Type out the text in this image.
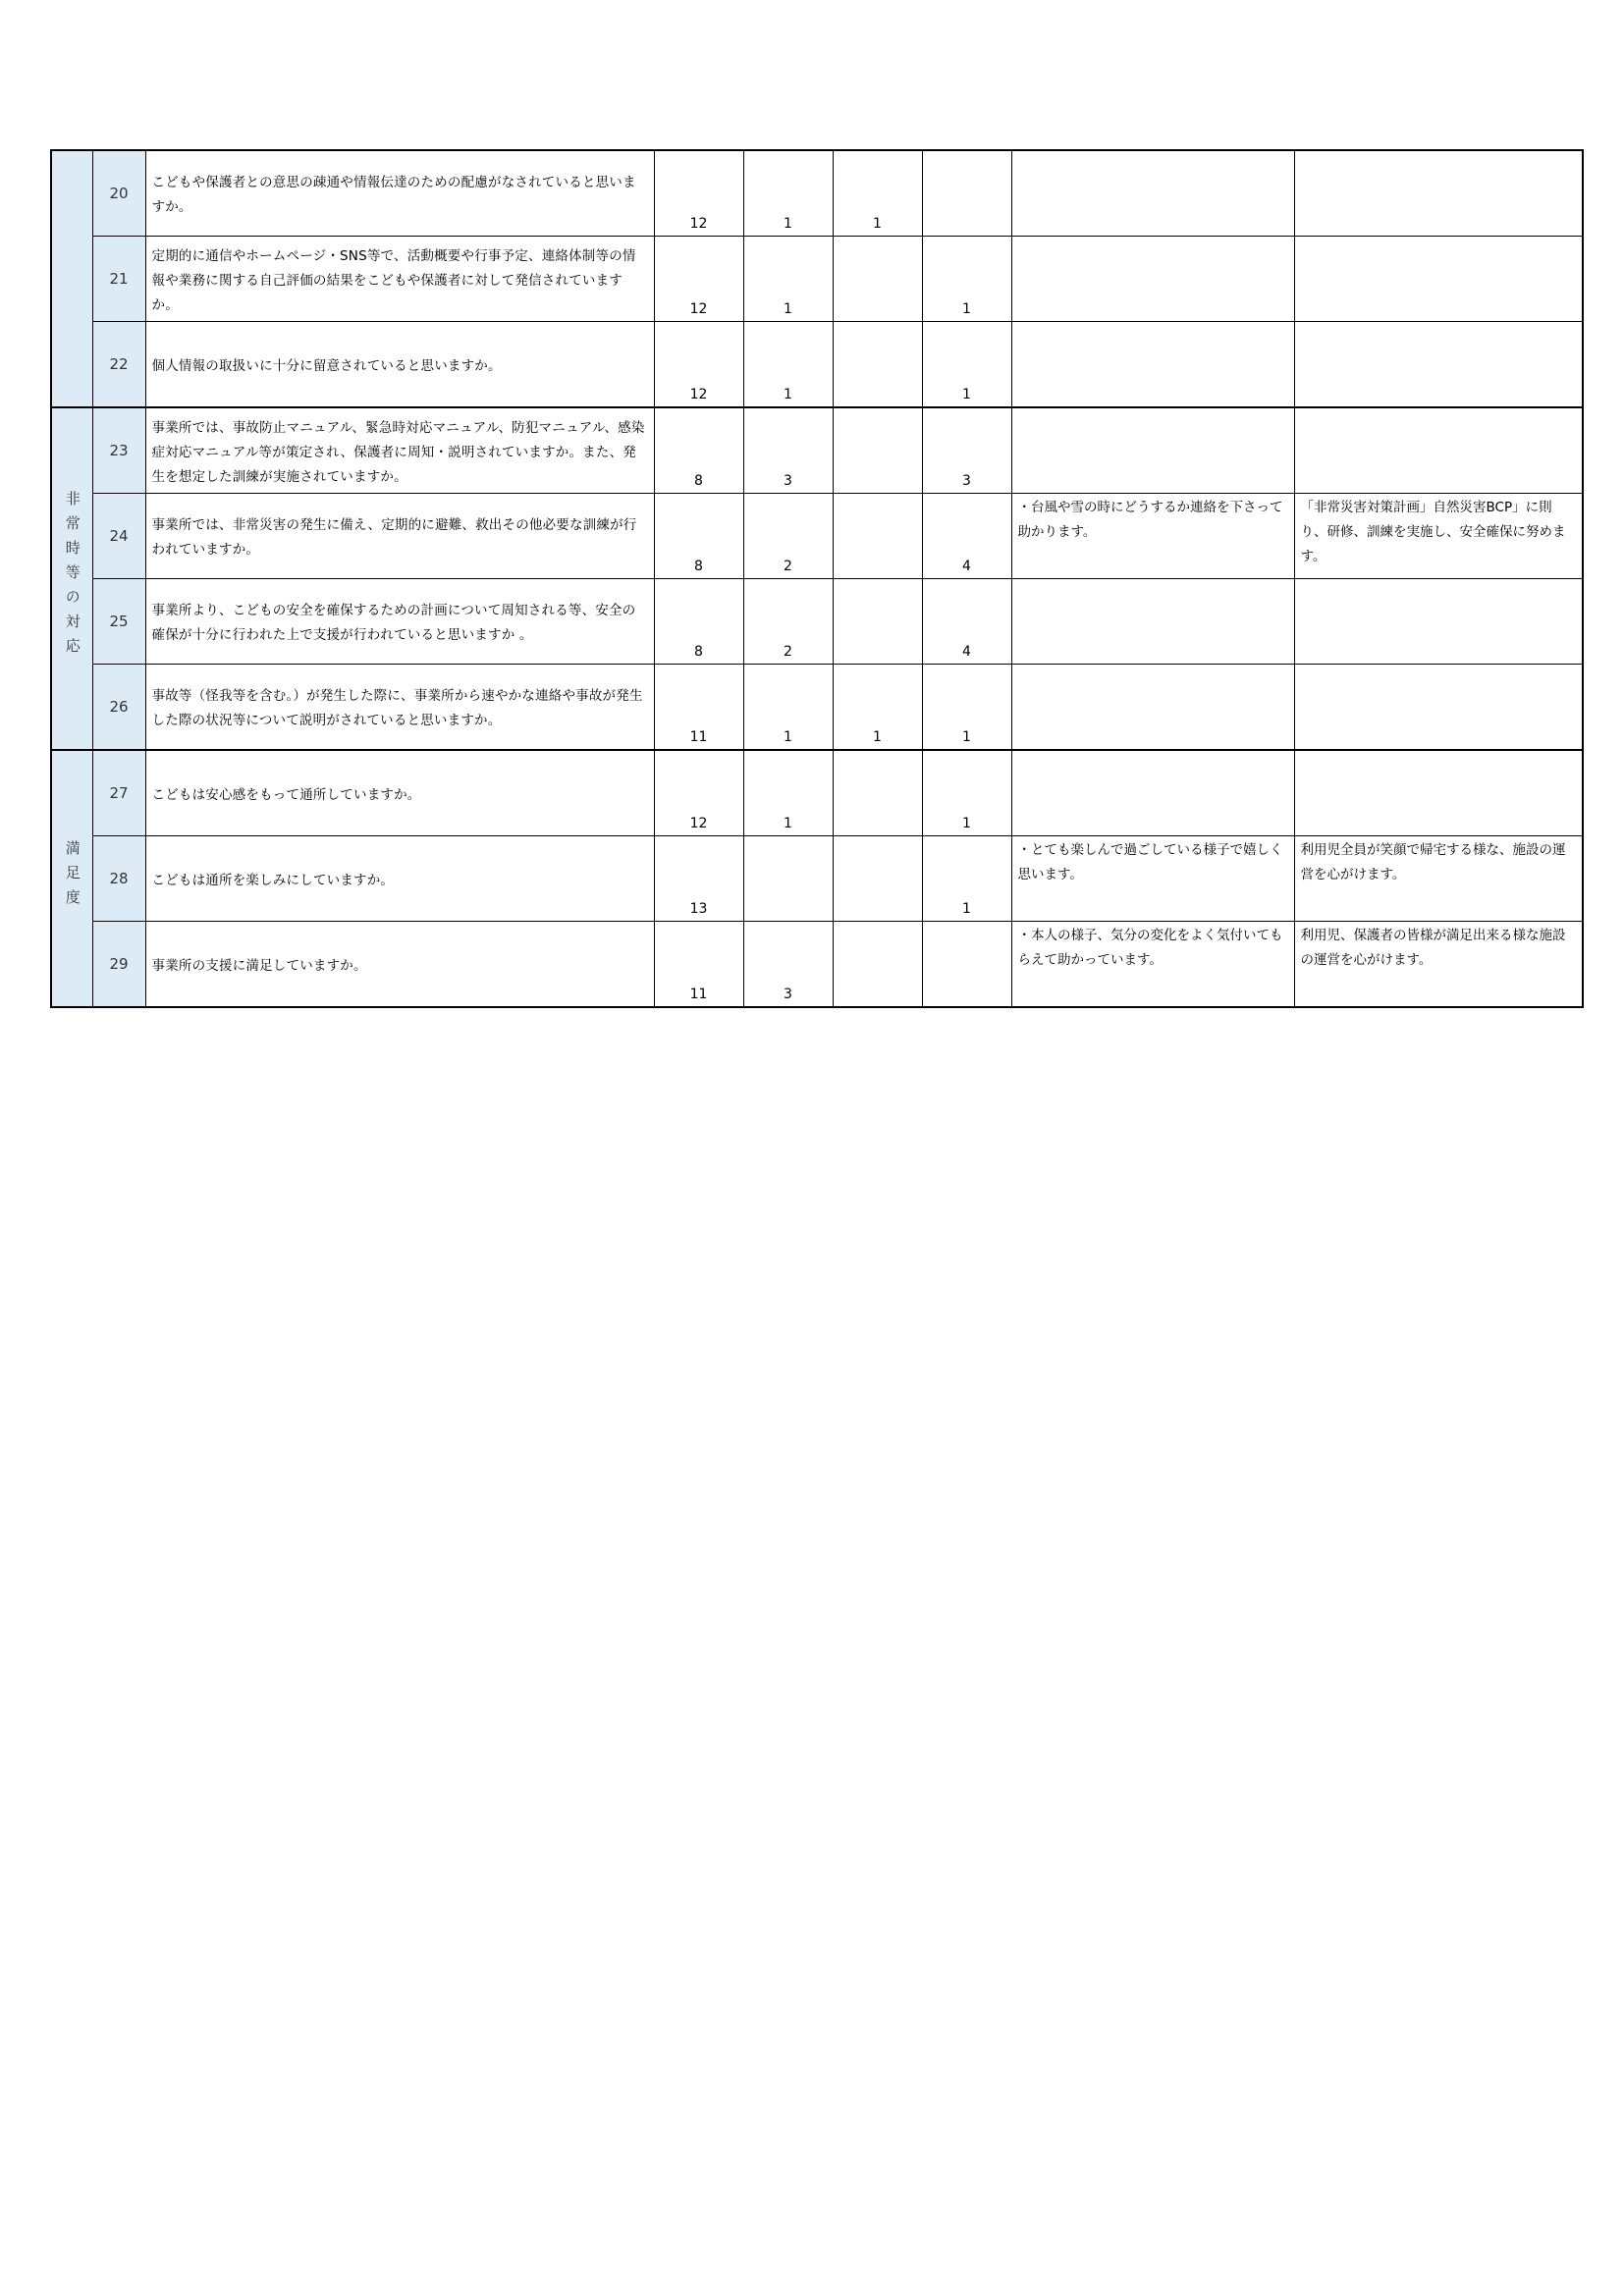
	20	こどもや保護者との意思の疎通や情報伝達のための配慮がなされていると思いますか。	12	1	1			
	21	定期的に通信やホームページ・SNS等で、活動概要や行事予定、連絡体制等の情報や業務に関する自己評価の結果をこどもや保護者に対して発信されていますか。	12	1		1		
	22	個人情報の取扱いに十分に留意されていると思いますか。	12	1		1		
非常時等の対応	23	事業所では、事故防止マニュアル、緊急時対応マニュアル、防犯マニュアル、感染症対応マニュアル等が策定され、保護者に周知・説明されていますか。また、発生を想定した訓練が実施されていますか。	8	3		3		
	24	事業所では、非常災害の発生に備え、定期的に避難、救出その他必要な訓練が行われていますか。	8	2		4	・台風や雪の時にどうするか連絡を下さって助かります。	「非常災害対策計画」自然災害BCP」に則り、研修、訓練を実施し、安全確保に努めます。
	25	事業所より、こどもの安全を確保するための計画について周知される等、安全の確保が十分に行われた上で支援が行われていると思いますか 。	8	2		4		
	26	事故等（怪我等を含む。）が発生した際に、事業所から速やかな連絡や事故が発生した際の状況等について説明がされていると思いますか。	11	1	1	1		
満足度	27	こどもは安心感をもって通所していますか。	12	1		1		
	28	こどもは通所を楽しみにしていますか。	13			1	・とても楽しんで過ごしている様子で嬉しく思います。	利用児全員が笑顔で帰宅する様な、施設の運営を心がけます。
	29	事業所の支援に満足していますか。	11	3			・本人の様子、気分の変化をよく気付いてもらえて助かっています。	利用児、保護者の皆様が満足出来る様な施設の運営を心がけます。
